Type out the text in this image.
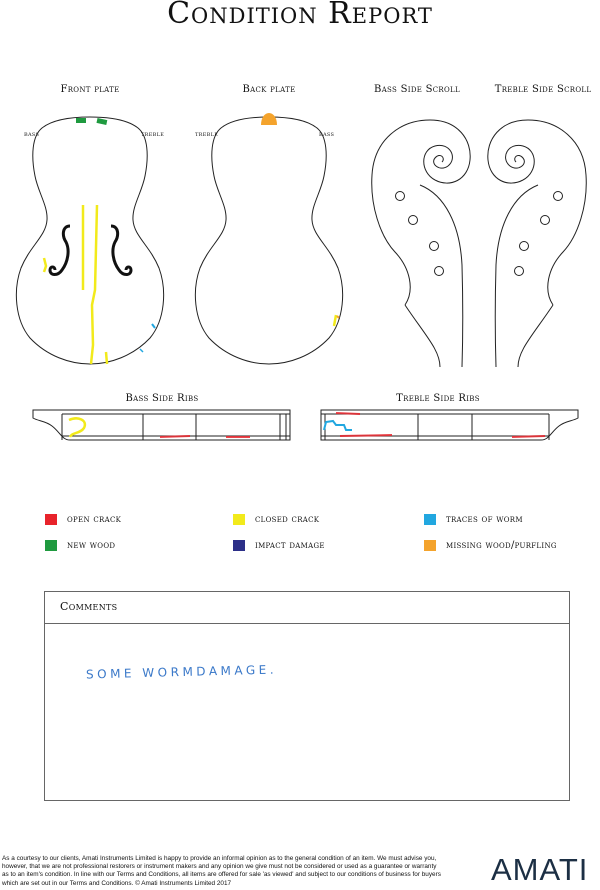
Condition Report
Front plate	Back plate	Bass Side Scroll	Treble Side Scroll
bass	treble	treble	bass
Bass Side Ribs	Treble Side Ribs
open crack	closed crack	traces of worm
new wood	impact damage	missing wood/purfling
Comments
SOME WORMDAMAGE.
As a courtesy to our clients, Amati Instruments Limited is happy to provide an informal opinion as to the general condition of an item. We must advise you, however, that we are not professional restorers or instrument makers and any opinion we give must not be considered or used as a guarantee or warranty as to an item's condition. In line with our Terms and Conditions, all items are offered for sale 'as viewed' and subject to our conditions of business for buyers which are set out in our Terms and Conditions. © Amati Instruments Limited 2017	AMATI
